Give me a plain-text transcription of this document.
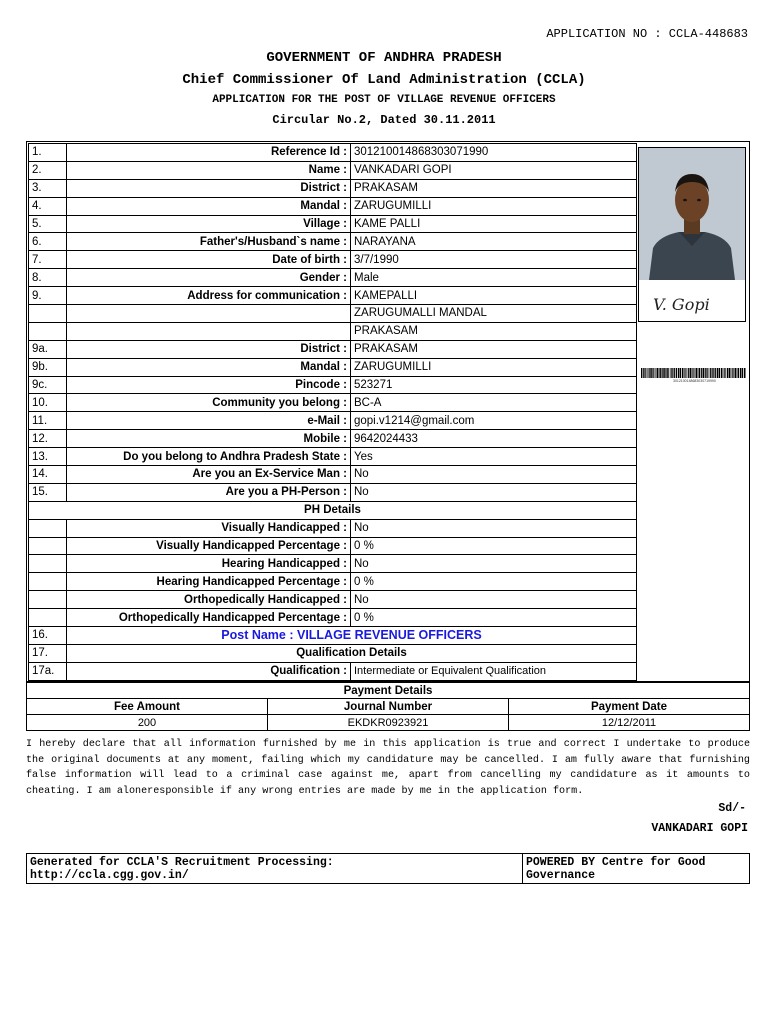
APPLICATION NO : CCLA-448683
GOVERNMENT OF ANDHRA PRADESH
Chief Commissioner Of Land Administration (CCLA)
APPLICATION FOR THE POST OF VILLAGE REVENUE OFFICERS
Circular No.2, Dated 30.11.2011
1.	Reference Id :	301210014868303071990
2.	Name :	VANKADARI GOPI
3.	District :	PRAKASAM
4.	Mandal :	ZARUGUMILLI
5.	Village :	KAME PALLI
6.	Father's/Husband`s name :	NARAYANA
7.	Date of birth :	3/7/1990
8.	Gender :	Male
9.	Address for communication :	KAMEPALLI
		ZARUGUMALLI MANDAL
		PRAKASAM
9a.	District :	PRAKASAM
9b.	Mandal :	ZARUGUMILLI
9c.	Pincode :	523271
10.	Community you belong :	BC-A
11.	e-Mail :	gopi.v1214@gmail.com
12.	Mobile :	9642024433
13.	Do you belong to Andhra Pradesh State :	Yes
14.	Are you an Ex-Service Man :	No
15.	Are you a PH-Person :	No
PH Details		
	Visually Handicapped :	No
	Visually Handicapped Percentage :	0 %
	Hearing Handicapped :	No
	Hearing Handicapped Percentage :	0 %
	Orthopedically Handicapped :	No
	Orthopedically Handicapped Percentage :	0 %
16.	Post Name : VILLAGE REVENUE OFFICERS	
17.	Qualification Details	
17a.	Qualification :	Intermediate or Equivalent Qualification
V. Gopi
3012100148683030719990
Payment Details		
Fee Amount	Journal Number	Payment Date
200	EKDKR0923921	12/12/2011
I hereby declare that all information furnished by me in this application is true and correct I undertake to produce the original documents at any moment, failing which my candidature may be cancelled. I am fully aware that furnishing false information will lead to a criminal case against me, apart from cancelling my candidature as it amounts to cheating. I am aloneresponsible if any wrong entries are made by me in the application form.
Sd/-
VANKADARI GOPI
Generated for CCLA'S Recruitment Processing:
http://ccla.cgg.gov.in/
POWERED BY Centre for Good
Governance
